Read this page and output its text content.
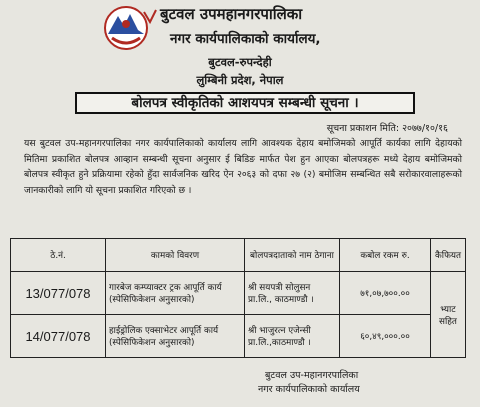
बुटवल उपमहानगरपालिका
नगर कार्यपालिकाको कार्यालय,
बुटवल-रुपन्देही
लुम्बिनी प्रदेश, नेपाल
बोलपत्र स्वीकृतिको आशयपत्र सम्बन्धी सूचना ।
सूचना प्रकाशन मिति: २०७७/१०/१६
यस बुटवल उप-महानगरपालिका नगर कार्यपालिकाको कार्यालय लागि आवश्यक देहाय बमोजिमको आपूर्ति कार्यका लागि देहायको मितिमा प्रकाशित बोलपत्र आव्हान सम्बन्धी सूचना अनुसार ई बिडिङ मार्फत पेश हुन आएका बोलपत्रहरू मध्ये देहाय बमोजिमको बोलपत्र स्वीकृत हुने प्रक्रियामा रहेको हुँदा सार्वजनिक खरिद ऐन २०६३ को दफा २७ (२) बमोजिम सम्बन्धित सबै सरोकारवालाहरूको जानकारीको लागि यो सूचना प्रकाशित गरिएको छ ।
ठे.नं.	कामको विवरण	बोलपत्रदाताको नाम ठेगाना	कबोल रकम रु.	कैफियत
13/077/078	गारबेज कम्प्याक्टर ट्रक आपूर्ति कार्य (स्पेसिफिकेशन अनुसारको)	श्री सयपत्री सोलुसन प्रा.लि., काठमाण्डौ ।	७१,०७,७००.००	भ्याट सहित
14/077/078	हाईड्रोलिक एक्साभेटर आपूर्ति कार्य (स्पेसिफिकेशन अनुसारको)	श्री भाजुरत्न एजेन्सी प्रा.लि.,काठमाण्डौ ।	६०,४९,०००.००	
बुटवल उप-महानगरपालिका
नगर कार्यपालिकाको कार्यालय
